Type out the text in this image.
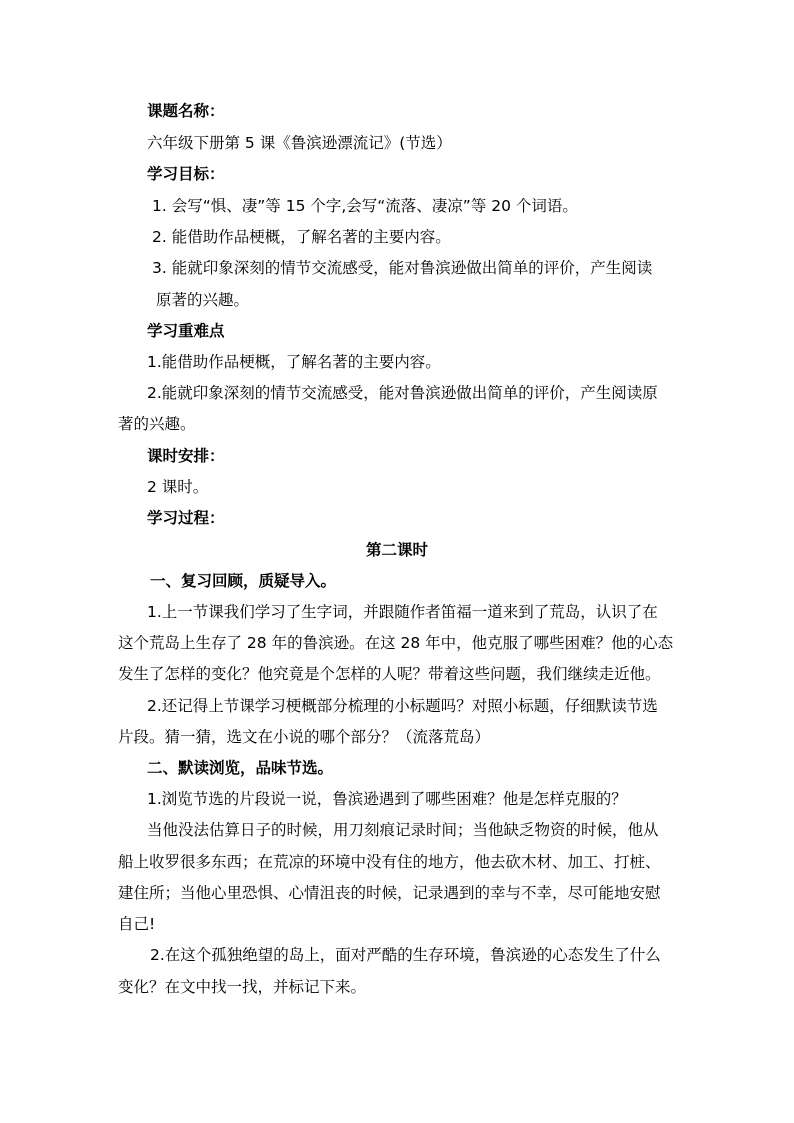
课题名称：
六年级下册第 5 课《鲁滨逊漂流记》(节选）
学习目标：
1. 会写“惧、凄”等 15 个字,会写“流落、凄凉”等 20 个词语。
2. 能借助作品梗概，了解名著的主要内容。
3. 能就印象深刻的情节交流感受，能对鲁滨逊做出简单的评价，产生阅读
原著的兴趣。
学习重难点
1.能借助作品梗概，了解名著的主要内容。
2.能就印象深刻的情节交流感受，能对鲁滨逊做出简单的评价，产生阅读原
著的兴趣。
课时安排：
2 课时。
学习过程：
第二课时
一、复习回顾，质疑导入。
1.上一节课我们学习了生字词，并跟随作者笛福一道来到了荒岛，认识了在
这个荒岛上生存了 28 年的鲁滨逊。在这 28 年中，他克服了哪些困难？他的心态
发生了怎样的变化？他究竟是个怎样的人呢？带着这些问题，我们继续走近他。
2.还记得上节课学习梗概部分梳理的小标题吗？对照小标题，仔细默读节选
片段。猜一猜，选文在小说的哪个部分？（流落荒岛）
二、默读浏览，品味节选。
1.浏览节选的片段说一说，鲁滨逊遇到了哪些困难？他是怎样克服的？
当他没法估算日子的时候，用刀刻痕记录时间；当他缺乏物资的时候，他从
船上收罗很多东西；在荒凉的环境中没有住的地方，他去砍木材、加工、打桩、
建住所；当他心里恐惧、心情沮丧的时候，记录遇到的幸与不幸，尽可能地安慰
自己!
2.在这个孤独绝望的岛上，面对严酷的生存环境，鲁滨逊的心态发生了什么
变化？在文中找一找，并标记下来。
